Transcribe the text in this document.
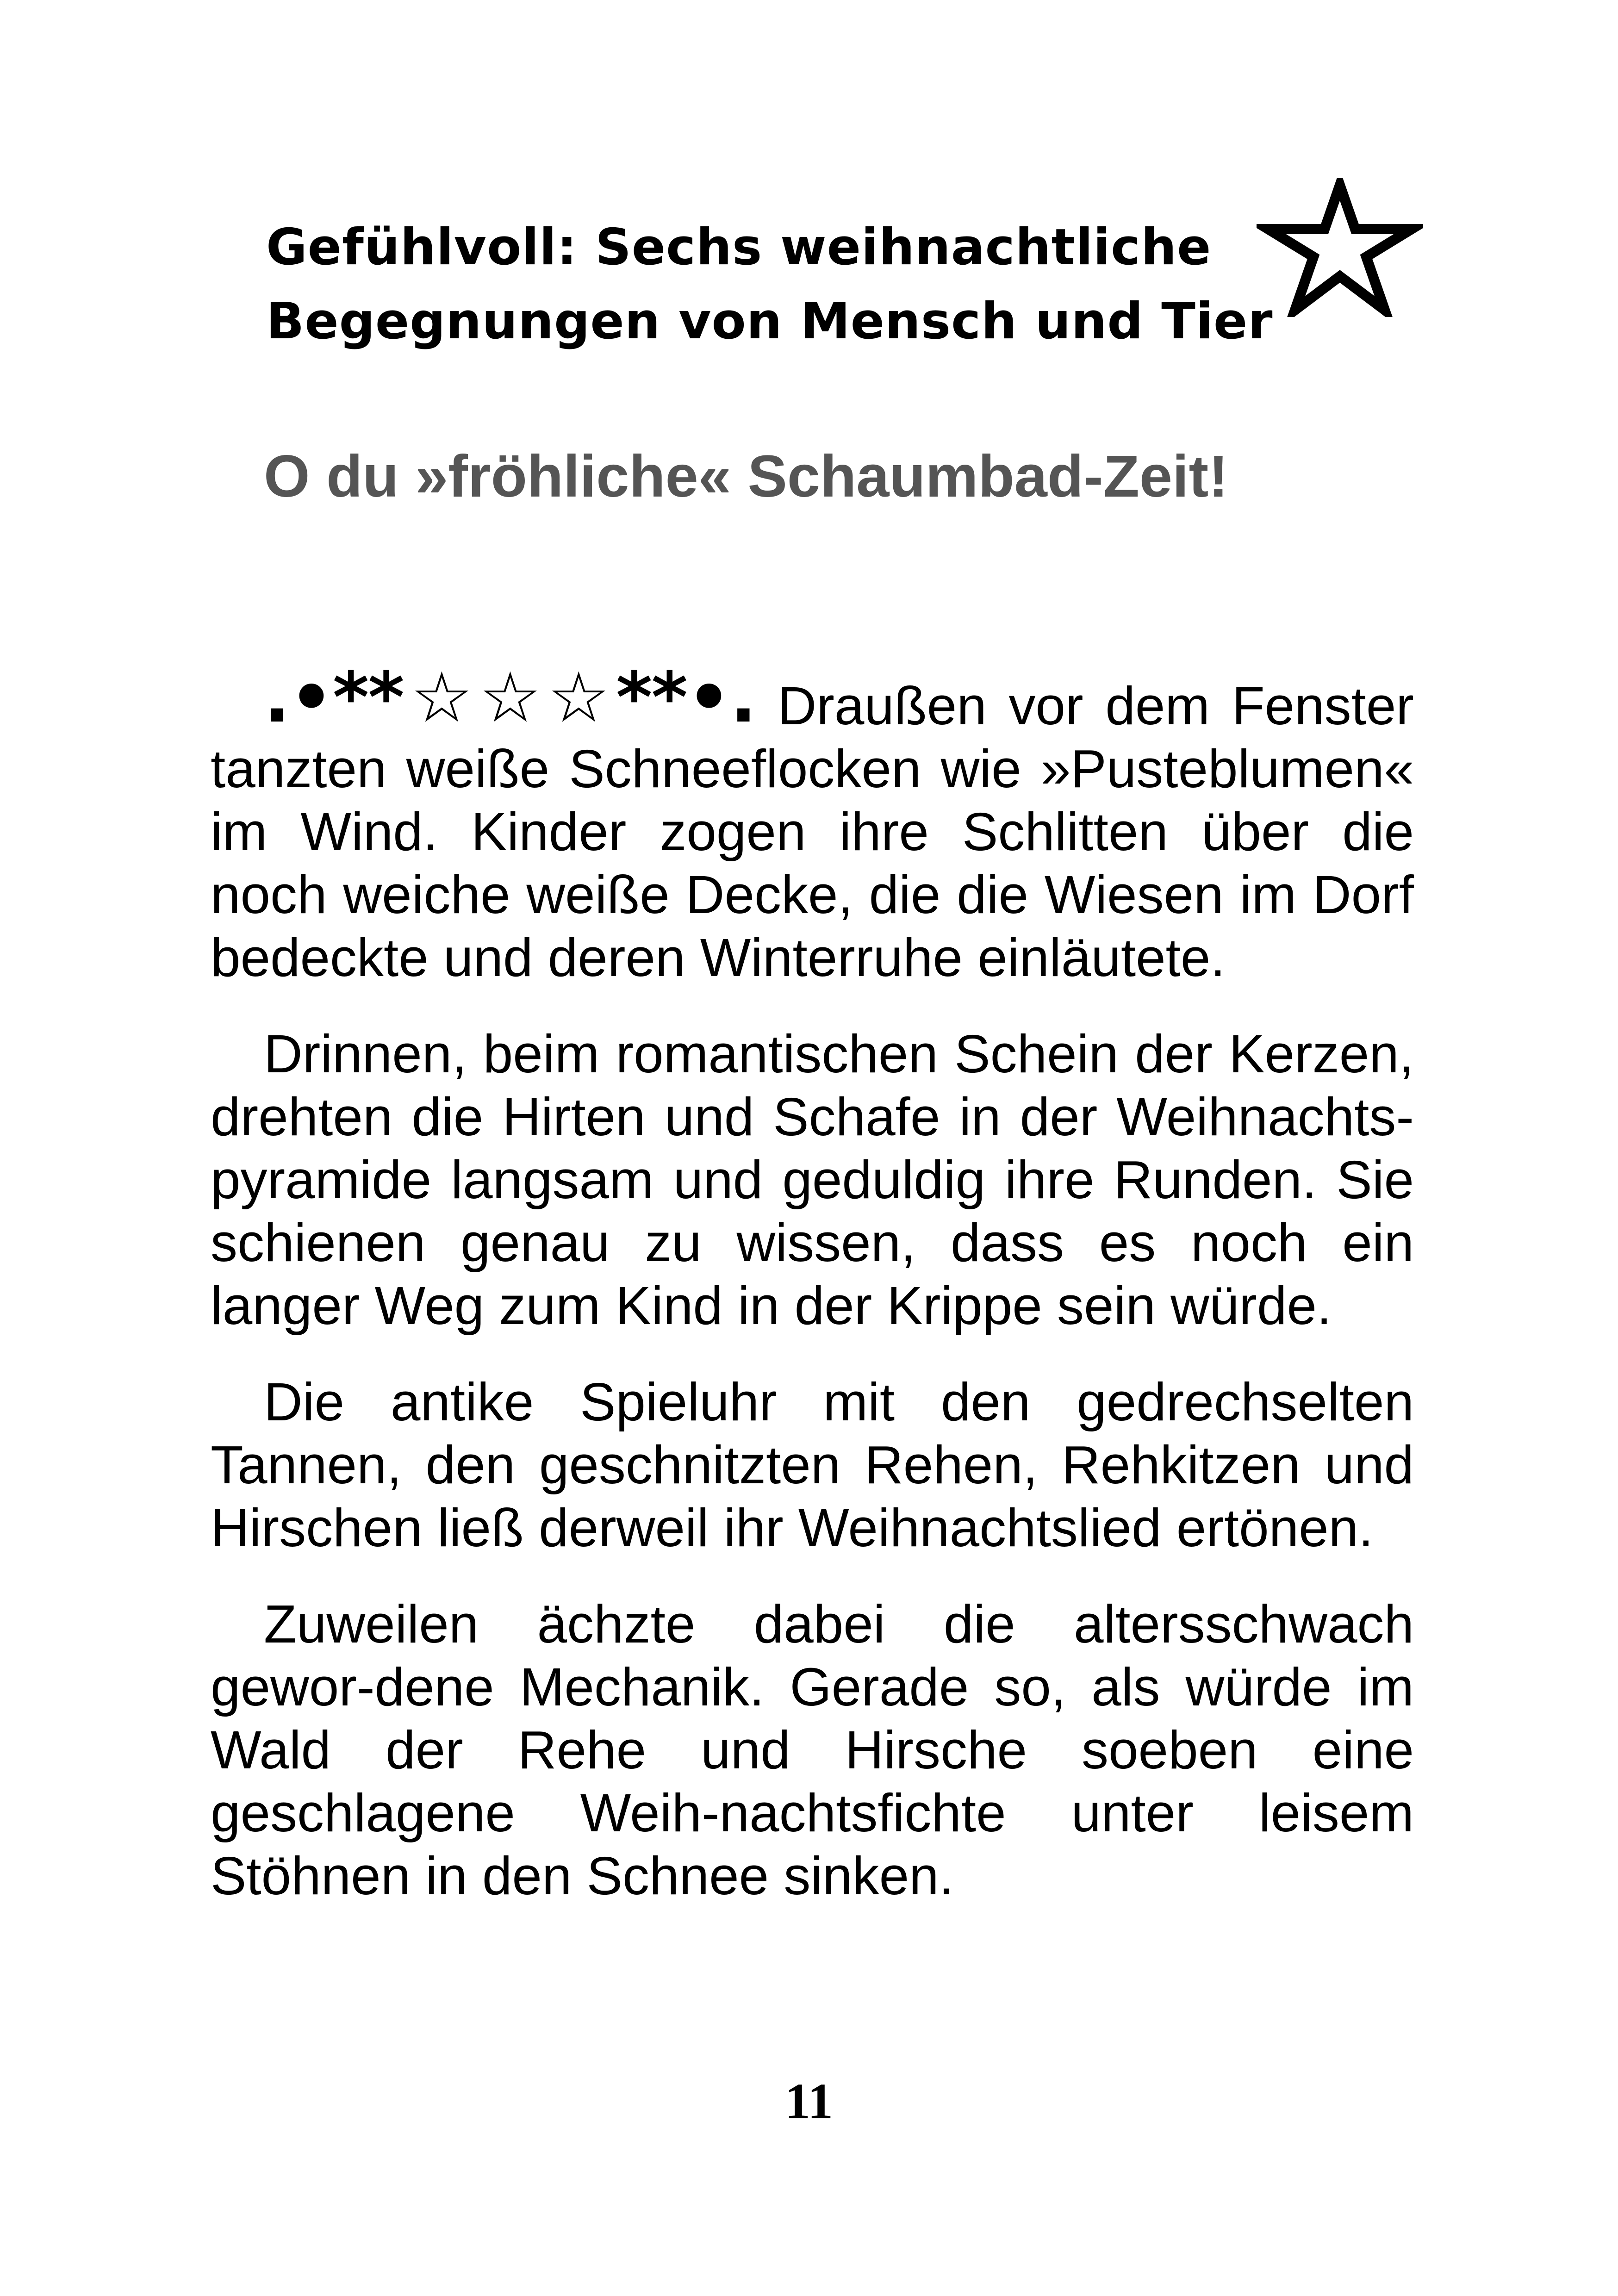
Gefühlvoll: Sechs weihnachtliche
Begegnungen von Mensch und Tier
O du »fröhliche« Schaumbad-Zeit!

.•**☆☆☆**•. Draußen vor dem Fenster tanzten weiße Schneeflocken wie »Pusteblumen« im Wind. Kinder zogen ihre Schlitten über die noch weiche weiße Decke, die die Wiesen im Dorf bedeckte und deren Winterruhe einläutete.

Drinnen, beim romantischen Schein der Kerzen, drehten die Hirten und Schafe in der Weihnachts-pyramide langsam und geduldig ihre Runden. Sie schienen genau zu wissen, dass es noch ein langer Weg zum Kind in der Krippe sein würde.

Die antike Spieluhr mit den gedrechselten Tannen, den geschnitzten Rehen, Rehkitzen und Hirschen ließ derweil ihr Weihnachtslied ertönen.

Zuweilen ächzte dabei die altersschwach gewor-dene Mechanik. Gerade so, als würde im Wald der Rehe und Hirsche soeben eine geschlagene Weih-nachtsfichte unter leisem Stöhnen in den Schnee sinken.

11
